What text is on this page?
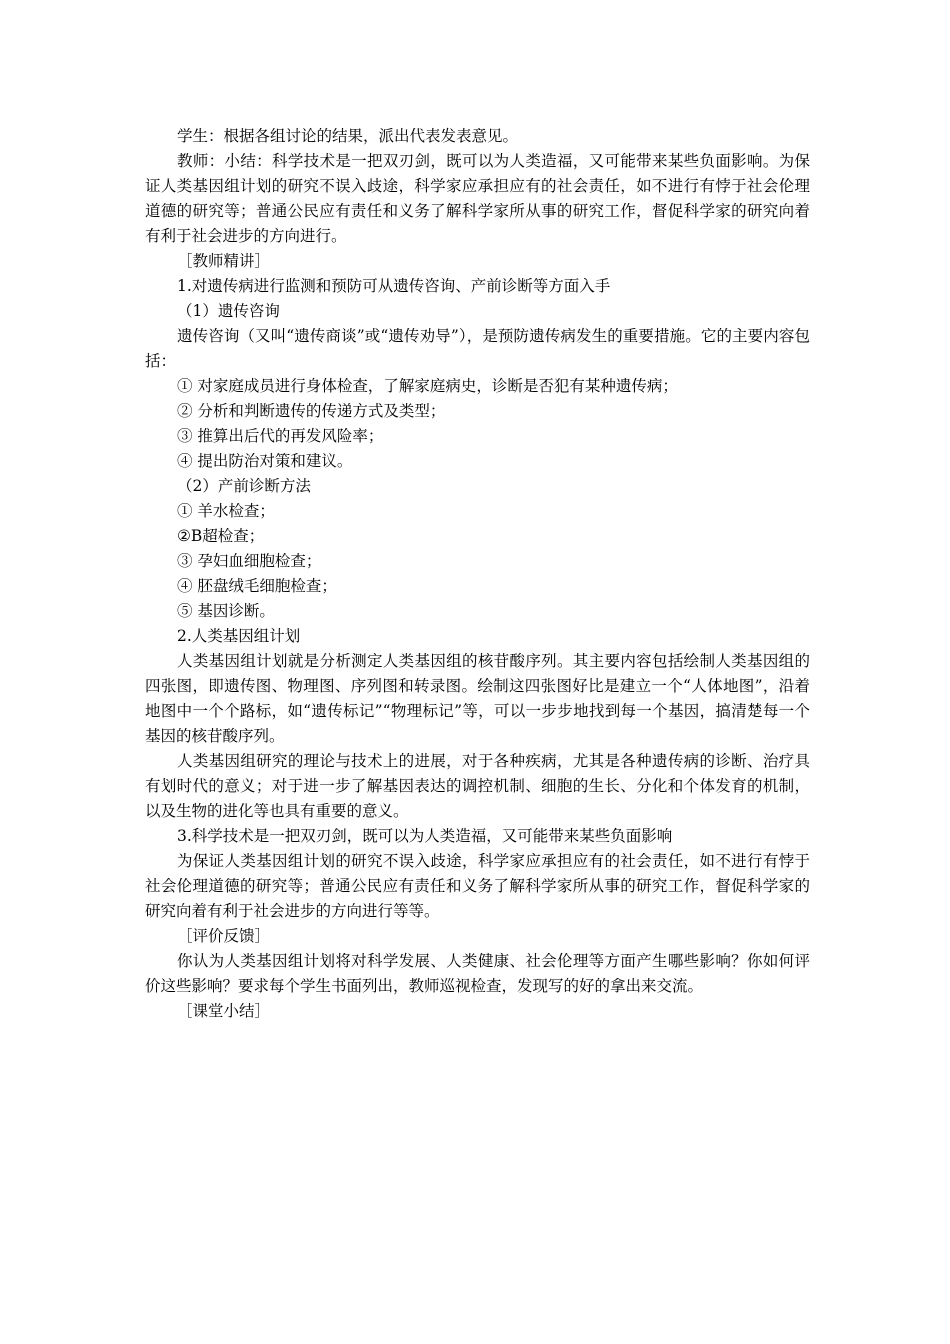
学生：根据各组讨论的结果，派出代表发表意见。

教师：小结：科学技术是一把双刃剑，既可以为人类造福，又可能带来某些负面影响。为保证人类基因组计划的研究不误入歧途，科学家应承担应有的社会责任，如不进行有悖于社会伦理道德的研究等；普通公民应有责任和义务了解科学家所从事的研究工作，督促科学家的研究向着有利于社会进步的方向进行。

［教师精讲］

1.对遗传病进行监测和预防可从遗传咨询、产前诊断等方面入手

（1）遗传咨询

遗传咨询（又叫“遗传商谈”或“遗传劝导”），是预防遗传病发生的重要措施。它的主要内容包括：

① 对家庭成员进行身体检查，了解家庭病史，诊断是否犯有某种遗传病；

② 分析和判断遗传的传递方式及类型；

③ 推算出后代的再发风险率；

④ 提出防治对策和建议。

（2）产前诊断方法

① 羊水检查；

②B超检查；

③ 孕妇血细胞检查；

④ 胚盘绒毛细胞检查；

⑤ 基因诊断。

2.人类基因组计划

人类基因组计划就是分析测定人类基因组的核苷酸序列。其主要内容包括绘制人类基因组的四张图，即遗传图、物理图、序列图和转录图。绘制这四张图好比是建立一个“人体地图”，沿着地图中一个个路标，如“遗传标记”“物理标记”等，可以一步步地找到每一个基因，搞清楚每一个基因的核苷酸序列。

人类基因组研究的理论与技术上的进展，对于各种疾病，尤其是各种遗传病的诊断、治疗具有划时代的意义；对于进一步了解基因表达的调控机制、细胞的生长、分化和个体发育的机制，以及生物的进化等也具有重要的意义。

3.科学技术是一把双刃剑，既可以为人类造福，又可能带来某些负面影响

为保证人类基因组计划的研究不误入歧途，科学家应承担应有的社会责任，如不进行有悖于社会伦理道德的研究等；普通公民应有责任和义务了解科学家所从事的研究工作，督促科学家的研究向着有利于社会进步的方向进行等等。

［评价反馈］

你认为人类基因组计划将对科学发展、人类健康、社会伦理等方面产生哪些影响？你如何评价这些影响？要求每个学生书面列出，教师巡视检查，发现写的好的拿出来交流。

［课堂小结］
